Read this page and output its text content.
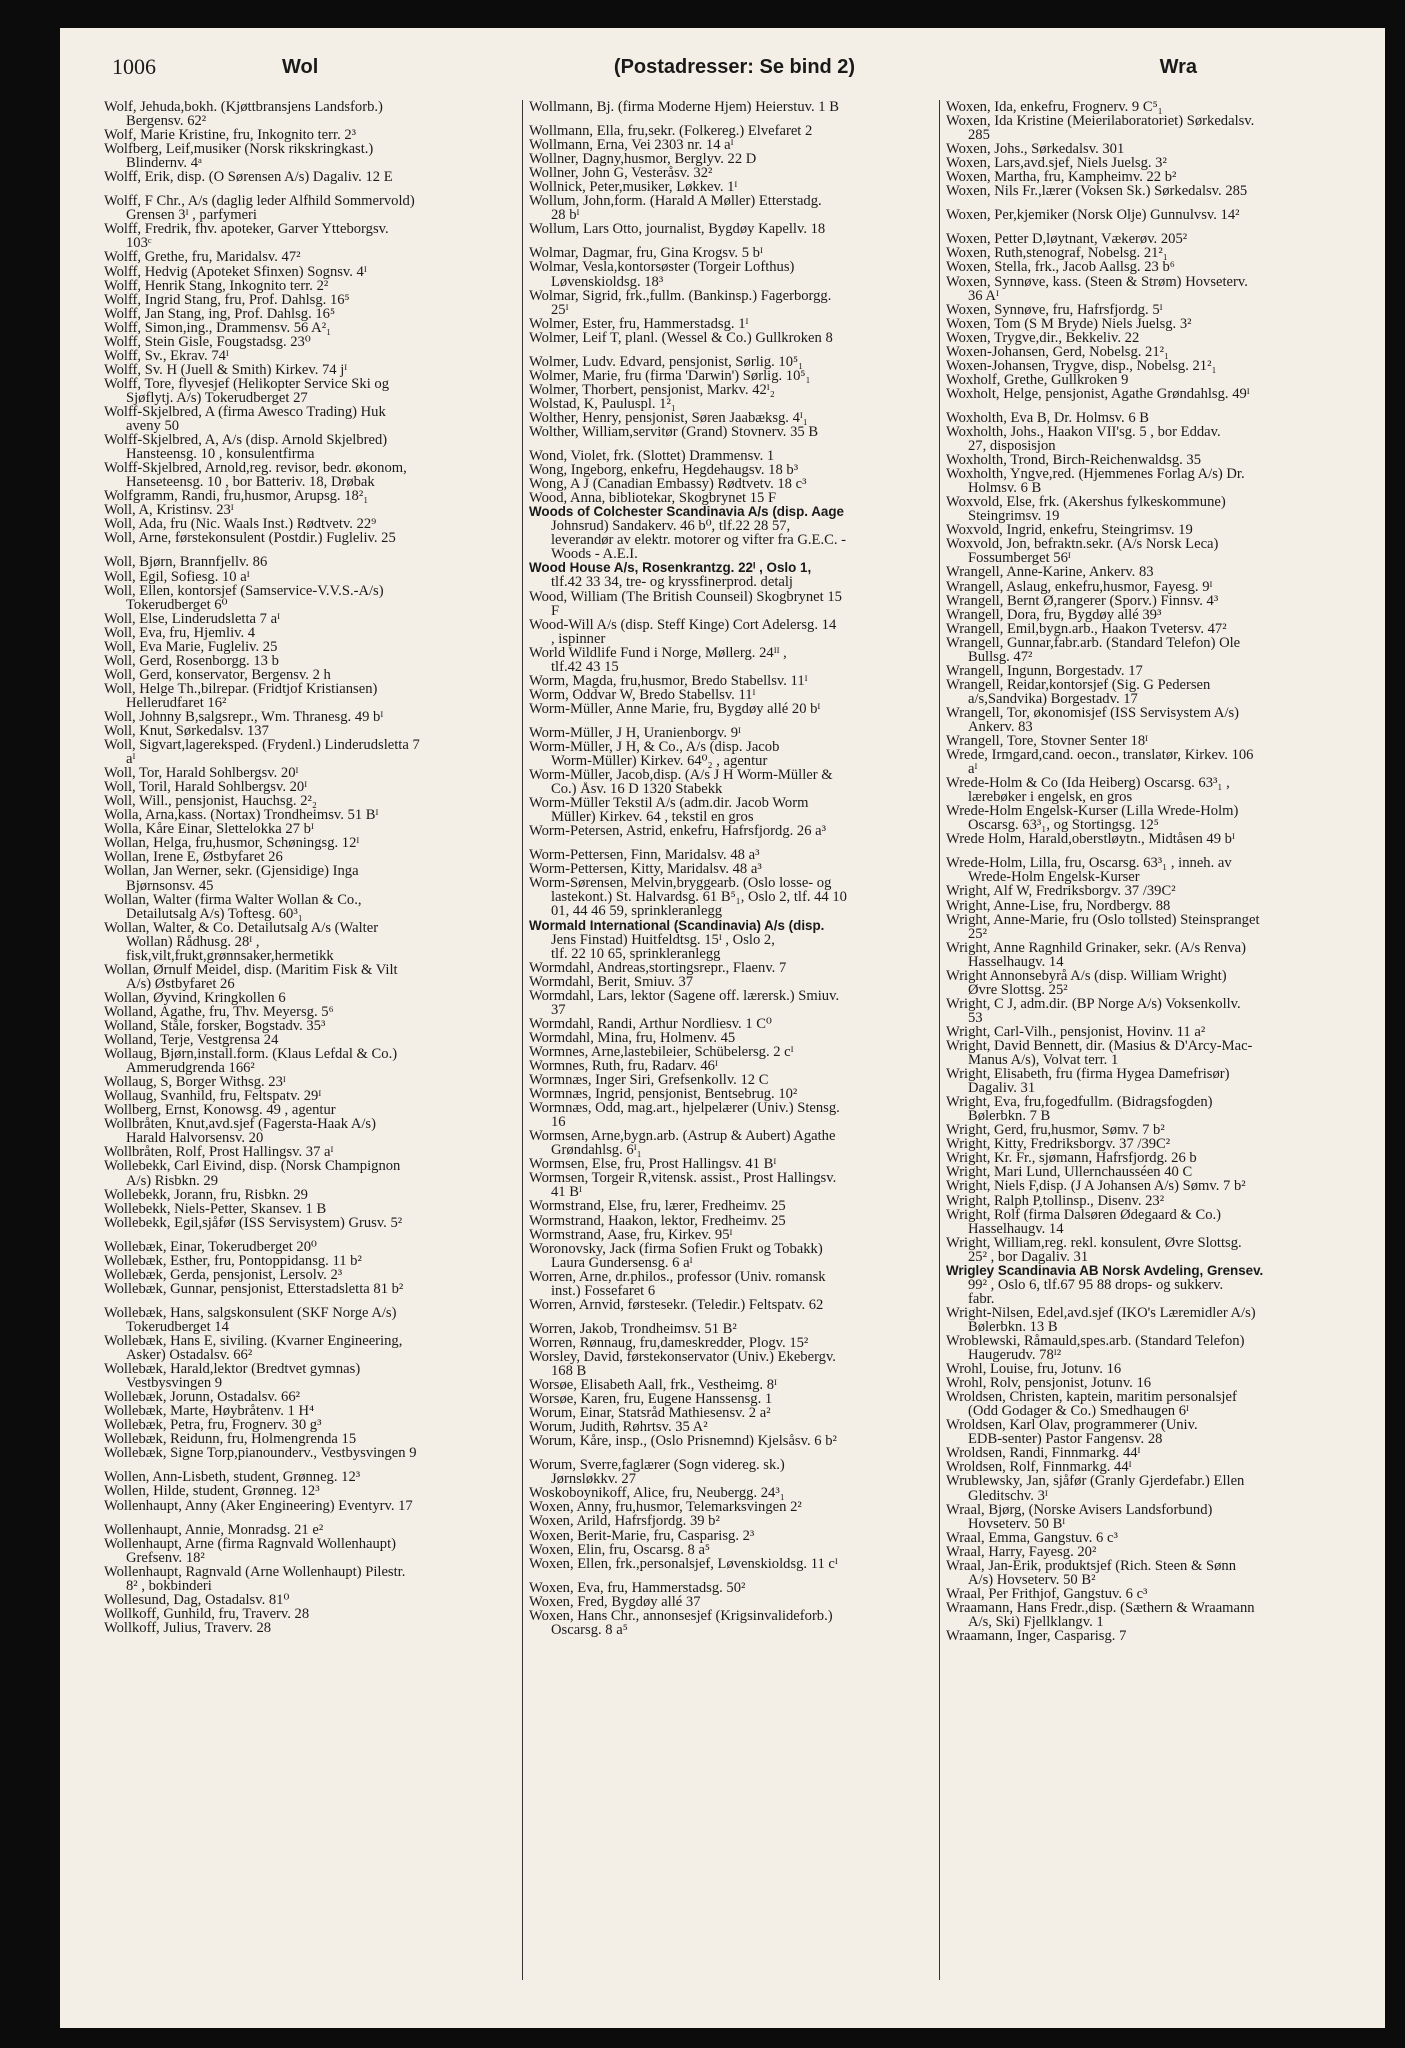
1006	Wol	(Postadresser: Se bind 2)	Wra
Wolf, Jehuda,bokh. (Kjøttbransjens Landsforb.)
Bergensv. 62²
Wolf, Marie Kristine, fru, Inkognito terr. 2³
Wolfberg, Leif,musiker (Norsk rikskringkast.)
Blindernv. 4ᵃ
Wolff, Erik, disp. (O Sørensen A/s) Dagaliv. 12 E
Wolff, F Chr., A/s (daglig leder Alfhild Sommervold)
Grensen 3ᴵ , parfymeri
Wolff, Fredrik, fhv. apoteker, Garver Ytteborgsv.
103ᶜ
Wolff, Grethe, fru, Maridalsv. 47²
Wolff, Hedvig (Apoteket Sfinxen) Sognsv. 4ᴵ
Wolff, Henrik Stang, Inkognito terr. 2²
Wolff, Ingrid Stang, fru, Prof. Dahlsg. 16⁵
Wolff, Jan Stang, ing, Prof. Dahlsg. 16⁵
Wolff, Simon,ing., Drammensv. 56 A²₁
Wolff, Stein Gisle, Fougstadsg. 23⁰
Wolff, Sv., Ekrav. 74ᴵ
Wolff, Sv. H (Juell & Smith) Kirkev. 74 jᴵ
Wolff, Tore, flyvesjef (Helikopter Service Ski og
Sjøflytj. A/s) Tokerudberget 27
Wolff-Skjelbred, A (firma Awesco Trading) Huk
aveny 50
Wolff-Skjelbred, A, A/s (disp. Arnold Skjelbred)
Hansteensg. 10 , konsulentfirma
Wolff-Skjelbred, Arnold,reg. revisor, bedr. økonom,
Hanseteensg. 10 , bor Batteriv. 18, Drøbak
Wolfgramm, Randi, fru,husmor, Arupsg. 18²₁
Woll, A, Kristinsv. 23ᴵ
Woll, Ada, fru (Nic. Waals Inst.) Rødtvetv. 22⁹
Woll, Arne, førstekonsulent (Postdir.) Fugleliv. 25
Woll, Bjørn, Brannfjellv. 86
Woll, Egil, Sofiesg. 10 aᴵ
Woll, Ellen, kontorsjef (Samservice-V.V.S.-A/s)
Tokerudberget 6⁰
Woll, Else, Linderudsletta 7 aᴵ
Woll, Eva, fru, Hjemliv. 4
Woll, Eva Marie, Fugleliv. 25
Woll, Gerd, Rosenborgg. 13 b
Woll, Gerd, konservator, Bergensv. 2 h
Woll, Helge Th.,bilrepar. (Fridtjof Kristiansen)
Hellerudfaret 16²
Woll, Johnny B,salgsrepr., Wm. Thranesg. 49 bᴵ
Woll, Knut, Sørkedalsv. 137
Woll, Sigvart,lagereksped. (Frydenl.) Linderudsletta 7
aᴵ
Woll, Tor, Harald Sohlbergsv. 20ᴵ
Woll, Toril, Harald Sohlbergsv. 20ᴵ
Woll, Will., pensjonist, Hauchsg. 2²₂
Wolla, Arna,kass. (Nortax) Trondheimsv. 51 Bᴵ
Wolla, Kåre Einar, Slettelokka 27 bᴵ
Wollan, Helga, fru,husmor, Schøningsg. 12ᴵ
Wollan, Irene E, Østbyfaret 26
Wollan, Jan Werner, sekr. (Gjensidige) Inga
Bjørnsonsv. 45
Wollan, Walter (firma Walter Wollan & Co.,
Detailutsalg A/s) Toftesg. 60³₁
Wollan, Walter, & Co. Detailutsalg A/s (Walter
Wollan) Rådhusg. 28ᴵ ,
fisk,vilt,frukt,grønnsaker,hermetikk
Wollan, Ørnulf Meidel, disp. (Maritim Fisk & Vilt
A/s) Østbyfaret 26
Wollan, Øyvind, Kringkollen 6
Wolland, Agathe, fru, Thv. Meyersg. 5⁶
Wolland, Ståle, forsker, Bogstadv. 35³
Wolland, Terje, Vestgrensa 24
Wollaug, Bjørn,install.form. (Klaus Lefdal & Co.)
Ammerudgrenda 166²
Wollaug, S, Borger Withsg. 23ᴵ
Wollaug, Svanhild, fru, Feltspatv. 29ᴵ
Wollberg, Ernst, Konowsg. 49 , agentur
Wollbråten, Knut,avd.sjef (Fagersta-Haak A/s)
Harald Halvorsensv. 20
Wollbråten, Rolf, Prost Hallingsv. 37 aᴵ
Wollebekk, Carl Eivind, disp. (Norsk Champignon
A/s) Risbkn. 29
Wollebekk, Jorann, fru, Risbkn. 29
Wollebekk, Niels-Petter, Skansev. 1 B
Wollebekk, Egil,sjåfør (ISS Servisystem) Grusv. 5²
Wollebæk, Einar, Tokerudberget 20⁰
Wollebæk, Esther, fru, Pontoppidansg. 11 b²
Wollebæk, Gerda, pensjonist, Lersolv. 2³
Wollebæk, Gunnar, pensjonist, Etterstadsletta 81 b²
Wollebæk, Hans, salgskonsulent (SKF Norge A/s)
Tokerudberget 14
Wollebæk, Hans E, siviling. (Kvarner Engineering,
Asker) Ostadalsv. 66²
Wollebæk, Harald,lektor (Bredtvet gymnas)
Vestbysvingen 9
Wollebæk, Jorunn, Ostadalsv. 66²
Wollebæk, Marte, Høybråtenv. 1 H⁴
Wollebæk, Petra, fru, Frognerv. 30 g³
Wollebæk, Reidunn, fru, Holmengrenda 15
Wollebæk, Signe Torp,pianounderv., Vestbysvingen 9
Wollen, Ann-Lisbeth, student, Grønneg. 12³
Wollen, Hilde, student, Grønneg. 12³
Wollenhaupt, Anny (Aker Engineering) Eventyrv. 17
Wollenhaupt, Annie, Monradsg. 21 e²
Wollenhaupt, Arne (firma Ragnvald Wollenhaupt)
Grefsenv. 18²
Wollenhaupt, Ragnvald (Arne Wollenhaupt) Pilestr.
8² , bokbinderi
Wollesund, Dag, Ostadalsv. 81⁰
Wollkoff, Gunhild, fru, Traverv. 28
Wollkoff, Julius, Traverv. 28
Wollmann, Bj. (firma Moderne Hjem) Heierstuv. 1 B
Wollmann, Ella, fru,sekr. (Folkereg.) Elvefaret 2
Wollmann, Erna, Vei 2303 nr. 14 aᴵ
Wollner, Dagny,husmor, Berglyv. 22 D
Wollner, John G, Vesteråsv. 32²
Wollnick, Peter,musiker, Løkkev. 1ᴵ
Wollum, John,form. (Harald A Møller) Etterstadg.
28 bᴵ
Wollum, Lars Otto, journalist, Bygdøy Kapellv. 18
Wolmar, Dagmar, fru, Gina Krogsv. 5 bᴵ
Wolmar, Vesla,kontorsøster (Torgeir Lofthus)
Løvenskioldsg. 18³
Wolmar, Sigrid, frk.,fullm. (Bankinsp.) Fagerborgg.
25ᴵ
Wolmer, Ester, fru, Hammerstadsg. 1ᴵ
Wolmer, Leif T, planl. (Wessel & Co.) Gullkroken 8
Wolmer, Ludv. Edvard, pensjonist, Sørlig. 10⁵₁
Wolmer, Marie, fru (firma 'Darwin') Sørlig. 10⁵₁
Wolmer, Thorbert, pensjonist, Markv. 42ᴵ₂
Wolstad, K, Pauluspl. 1²₁
Wolther, Henry, pensjonist, Søren Jaabæksg. 4ᴵ₁
Wolther, William,servitør (Grand) Stovnerv. 35 B
Wond, Violet, frk. (Slottet) Drammensv. 1
Wong, Ingeborg, enkefru, Hegdehaugsv. 18 b³
Wong, A J (Canadian Embassy) Rødtvetv. 18 c³
Wood, Anna, bibliotekar, Skogbrynet 15 F
Woods of Colchester Scandinavia A/s (disp. Aage
Johnsrud) Sandakerv. 46 b⁰, tlf.22 28 57,
leverandør av elektr. motorer og vifter fra G.E.C. -
Woods - A.E.I.
Wood House A/s, Rosenkrantzg. 22ᴵ , Oslo 1,
tlf.42 33 34, tre- og kryssfinerprod. detalj
Wood, William (The British Counseil) Skogbrynet 15
F
Wood-Will A/s (disp. Steff Kinge) Cort Adelersg. 14
, ispinner
World Wildlife Fund i Norge, Møllerg. 24ᴵᴵ ,
tlf.42 43 15
Worm, Magda, fru,husmor, Bredo Stabellsv. 11ᴵ
Worm, Oddvar W, Bredo Stabellsv. 11ᴵ
Worm-Müller, Anne Marie, fru, Bygdøy allé 20 bᴵ
Worm-Müller, J H, Uranienborgv. 9ᴵ
Worm-Müller, J H, & Co., A/s (disp. Jacob
Worm-Müller) Kirkev. 64⁰₂ , agentur
Worm-Müller, Jacob,disp. (A/s J H Worm-Müller &
Co.) Åsv. 16 D 1320 Stabekk
Worm-Müller Tekstil A/s (adm.dir. Jacob Worm
Müller) Kirkev. 64 , tekstil en gros
Worm-Petersen, Astrid, enkefru, Hafrsfjordg. 26 a³
Worm-Pettersen, Finn, Maridalsv. 48 a³
Worm-Pettersen, Kitty, Maridalsv. 48 a³
Worm-Sørensen, Melvin,bryggearb. (Oslo losse- og
lastekont.) St. Halvardsg. 61 B⁵₁, Oslo 2, tlf. 44 10
01, 44 46 59, sprinkleranlegg
Wormald International (Scandinavia) A/s (disp.
Jens Finstad) Huitfeldtsg. 15ᴵ , Oslo 2,
tlf. 22 10 65, sprinkleranlegg
Wormdahl, Andreas,stortingsrepr., Flaenv. 7
Wormdahl, Berit, Smiuv. 37
Wormdahl, Lars, lektor (Sagene off. lærersk.) Smiuv.
37
Wormdahl, Randi, Arthur Nordliesv. 1 C⁰
Wormdahl, Mina, fru, Holmenv. 45
Wormnes, Arne,lastebileier, Schübelersg. 2 cᴵ
Wormnes, Ruth, fru, Radarv. 46ᴵ
Wormnæs, Inger Siri, Grefsenkollv. 12 C
Wormnæs, Ingrid, pensjonist, Bentsebrug. 10²
Wormnæs, Odd, mag.art., hjelpelærer (Univ.) Stensg.
16
Wormsen, Arne,bygn.arb. (Astrup & Aubert) Agathe
Grøndahlsg. 6ᴵ₁
Wormsen, Else, fru, Prost Hallingsv. 41 Bᴵ
Wormsen, Torgeir R,vitensk. assist., Prost Hallingsv.
41 Bᴵ
Wormstrand, Else, fru, lærer, Fredheimv. 25
Wormstrand, Haakon, lektor, Fredheimv. 25
Wormstrand, Aase, fru, Kirkev. 95ᴵ
Woronovsky, Jack (firma Sofien Frukt og Tobakk)
Laura Gundersensg. 6 aᴵ
Worren, Arne, dr.philos., professor (Univ. romansk
inst.) Fossefaret 6
Worren, Arnvid, førstesekr. (Teledir.) Feltspatv. 62
Worren, Jakob, Trondheimsv. 51 B²
Worren, Rønnaug, fru,dameskredder, Plogv. 15²
Worsley, David, førstekonservator (Univ.) Ekebergv.
168 B
Worsøe, Elisabeth Aall, frk., Vestheimg. 8ᴵ
Worsøe, Karen, fru, Eugene Hanssensg. 1
Worum, Einar, Statsråd Mathiesensv. 2 a²
Worum, Judith, Røhrtsv. 35 A²
Worum, Kåre, insp., (Oslo Prisnemnd) Kjelsåsv. 6 b²
Worum, Sverre,faglærer (Sogn videreg. sk.)
Jørnsløkkv. 27
Woskoboynikoff, Alice, fru, Neubergg. 24³₁
Woxen, Anny, fru,husmor, Telemarksvingen 2²
Woxen, Arild, Hafrsfjordg. 39 b²
Woxen, Berit-Marie, fru, Casparisg. 2³
Woxen, Elin, fru, Oscarsg. 8 a⁵
Woxen, Ellen, frk.,personalsjef, Løvenskioldsg. 11 cᴵ
Woxen, Eva, fru, Hammerstadsg. 50²
Woxen, Fred, Bygdøy allé 37
Woxen, Hans Chr., annonsesjef (Krigsinvalideforb.)
Oscarsg. 8 a⁵
Woxen, Ida, enkefru, Frognerv. 9 C⁵₁
Woxen, Ida Kristine (Meierilaboratoriet) Sørkedalsv.
285
Woxen, Johs., Sørkedalsv. 301
Woxen, Lars,avd.sjef, Niels Juelsg. 3²
Woxen, Martha, fru, Kampheimv. 22 b²
Woxen, Nils Fr.,lærer (Voksen Sk.) Sørkedalsv. 285
Woxen, Per,kjemiker (Norsk Olje) Gunnulvsv. 14²
Woxen, Petter D,løytnant, Vækerøv. 205²
Woxen, Ruth,stenograf, Nobelsg. 21²₁
Woxen, Stella, frk., Jacob Aallsg. 23 b⁶
Woxen, Synnøve, kass. (Steen & Strøm) Hovseterv.
36 Aᴵ
Woxen, Synnøve, fru, Hafrsfjordg. 5ᴵ
Woxen, Tom (S M Bryde) Niels Juelsg. 3²
Woxen, Trygve,dir., Bekkeliv. 22
Woxen-Johansen, Gerd, Nobelsg. 21²₁
Woxen-Johansen, Trygve, disp., Nobelsg. 21²₁
Woxholf, Grethe, Gullkroken 9
Woxholt, Helge, pensjonist, Agathe Grøndahlsg. 49ᴵ
Woxholth, Eva B, Dr. Holmsv. 6 B
Woxholth, Johs., Haakon VII'sg. 5 , bor Eddav.
27, disposisjon
Woxholth, Trond, Birch-Reichenwaldsg. 35
Woxholth, Yngve,red. (Hjemmenes Forlag A/s) Dr.
Holmsv. 6 B
Woxvold, Else, frk. (Akershus fylkeskommune)
Steingrimsv. 19
Woxvold, Ingrid, enkefru, Steingrimsv. 19
Woxvold, Jon, befraktn.sekr. (A/s Norsk Leca)
Fossumberget 56ᴵ
Wrangell, Anne-Karine, Ankerv. 83
Wrangell, Aslaug, enkefru,husmor, Fayesg. 9ᴵ
Wrangell, Bernt Ø,rangerer (Sporv.) Finnsv. 4³
Wrangell, Dora, fru, Bygdøy allé 39³
Wrangell, Emil,bygn.arb., Haakon Tvetersv. 47²
Wrangell, Gunnar,fabr.arb. (Standard Telefon) Ole
Bullsg. 47²
Wrangell, Ingunn, Borgestadv. 17
Wrangell, Reidar,kontorsjef (Sig. G Pedersen
a/s,Sandvika) Borgestadv. 17
Wrangell, Tor, økonomisjef (ISS Servisystem A/s)
Ankerv. 83
Wrangell, Tore, Stovner Senter 18ᴵ
Wrede, Irmgard,cand. oecon., translatør, Kirkev. 106
aᴵ
Wrede-Holm & Co (Ida Heiberg) Oscarsg. 63³₁ ,
lærebøker i engelsk, en gros
Wrede-Holm Engelsk-Kurser (Lilla Wrede-Holm)
Oscarsg. 63³₁, og Stortingsg. 12⁵
Wrede Holm, Harald,oberstløytn., Midtåsen 49 bᴵ
Wrede-Holm, Lilla, fru, Oscarsg. 63³₁ , inneh. av
Wrede-Holm Engelsk-Kurser
Wright, Alf W, Fredriksborgv. 37 /39C²
Wright, Anne-Lise, fru, Nordbergv. 88
Wright, Anne-Marie, fru (Oslo tollsted) Steinspranget
25²
Wright, Anne Ragnhild Grinaker, sekr. (A/s Renva)
Hasselhaugv. 14
Wright Annonsebyrå A/s (disp. William Wright)
Øvre Slottsg. 25²
Wright, C J, adm.dir. (BP Norge A/s) Voksenkollv.
53
Wright, Carl-Vilh., pensjonist, Hovinv. 11 a²
Wright, David Bennett, dir. (Masius & D'Arcy-Mac-
Manus A/s), Volvat terr. 1
Wright, Elisabeth, fru (firma Hygea Damefrisør)
Dagaliv. 31
Wright, Eva, fru,fogedfullm. (Bidragsfogden)
Bølerbkn. 7 B
Wright, Gerd, fru,husmor, Sømv. 7 b²
Wright, Kitty, Fredriksborgv. 37 /39C²
Wright, Kr. Fr., sjømann, Hafrsfjordg. 26 b
Wright, Mari Lund, Ullernchausséen 40 C
Wright, Niels F,disp. (J A Johansen A/s) Sømv. 7 b²
Wright, Ralph P,tollinsp., Disenv. 23²
Wright, Rolf (firma Dalsøren Ødegaard & Co.)
Hasselhaugv. 14
Wright, William,reg. rekl. konsulent, Øvre Slottsg.
25² , bor Dagaliv. 31
Wrigley Scandinavia AB Norsk Avdeling, Grensev.
99² , Oslo 6, tlf.67 95 88 drops- og sukkerv.
fabr.
Wright-Nilsen, Edel,avd.sjef (IKO's Læremidler A/s)
Bølerbkn. 13 B
Wroblewski, Råmauld,spes.arb. (Standard Telefon)
Haugerudv. 78ᴵ²
Wrohl, Louise, fru, Jotunv. 16
Wrohl, Rolv, pensjonist, Jotunv. 16
Wroldsen, Christen, kaptein, maritim personalsjef
(Odd Godager & Co.) Smedhaugen 6ᴵ
Wroldsen, Karl Olav, programmerer (Univ.
EDB-senter) Pastor Fangensv. 28
Wroldsen, Randi, Finnmarkg. 44ᴵ
Wroldsen, Rolf, Finnmarkg. 44ᴵ
Wrublewsky, Jan, sjåfør (Granly Gjerdefabr.) Ellen
Gleditschv. 3ᴵ
Wraal, Bjørg, (Norske Avisers Landsforbund)
Hovseterv. 50 Bᴵ
Wraal, Emma, Gangstuv. 6 c³
Wraal, Harry, Fayesg. 20²
Wraal, Jan-Erik, produktsjef (Rich. Steen & Sønn
A/s) Hovseterv. 50 B²
Wraal, Per Frithjof, Gangstuv. 6 c³
Wraamann, Hans Fredr.,disp. (Sæthern & Wraamann
A/s, Ski) Fjellklangv. 1
Wraamann, Inger, Casparisg. 7
